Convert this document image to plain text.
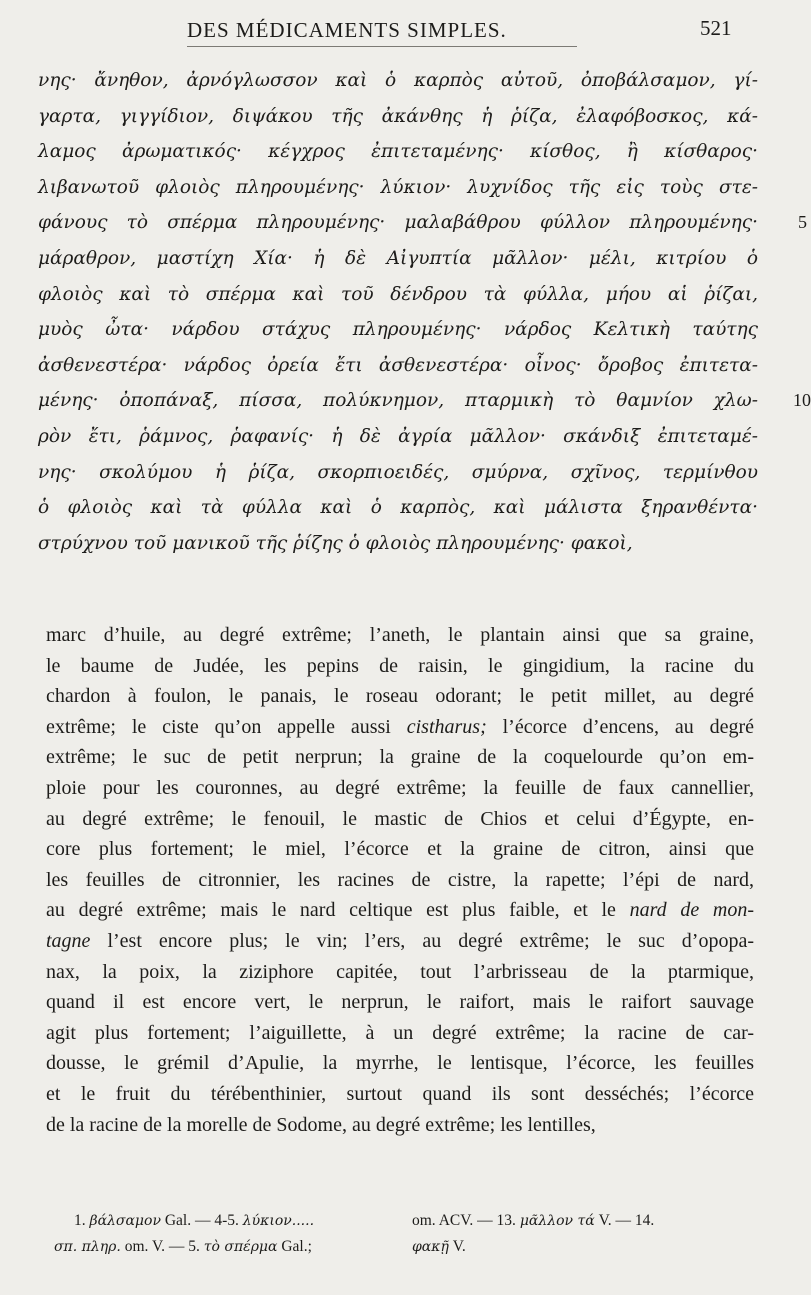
DES MÉDICAMENTS SIMPLES.	521
νης· ἄνηθον, ἀρνόγλωσσον καὶ ὁ καρπὸς αὐτοῦ, ὀποβάλσαμον, γί-
γαρτα, γιγγίδιον, διψάκου τῆς ἀκάνθης ἡ ῥίζα, ἐλαφόβοσκος, κά-
λαμος ἀρωματικός· κέγχρος ἐπιτεταμένης· κίσθος, ἢ κίσθαρος·
λιβανωτοῦ φλοιὸς πληρουμένης· λύκιον· λυχνίδος τῆς εἰς τοὺς στε-
φάνους τὸ σπέρμα πληρουμένης· μαλαβάθρου φύλλον πληρουμένης· 5
μάραθρον, μαστίχη Χία· ἡ δὲ Αἰγυπτία μᾶλλον· μέλι, κιτρίου ὁ
φλοιὸς καὶ τὸ σπέρμα καὶ τοῦ δένδρου τὰ φύλλα, μήου αἱ ῥίζαι,
μυὸς ὦτα· νάρδου στάχυς πληρουμένης· νάρδος Κελτικὴ ταύτης
ἀσθενεστέρα· νάρδος ὀρεία ἔτι ἀσθενεστέρα· οἶνος· ὄροβος ἐπιτετα-
μένης· ὀποπάναξ, πίσσα, πολύκνημον, πταρμικὴ τὸ θαμνίον χλω- 10
ρὸν ἔτι, ῥάμνος, ῥαφανίς· ἡ δὲ ἀγρία μᾶλλον· σκάνδιξ ἐπιτεταμέ-
νης· σκολύμου ἡ ῥίζα, σκορπιοειδές, σμύρνα, σχῖνος, τερμίνθου
ὁ φλοιὸς καὶ τὰ φύλλα καὶ ὁ καρπὸς, καὶ μάλιστα ξηρανθέντα·
στρύχνου τοῦ μανικοῦ τῆς ῥίζης ὁ φλοιὸς πληρουμένης· φακοὶ,
marc d’huile, au degré extrême; l’aneth, le plantain ainsi que sa graine,
le baume de Judée, les pepins de raisin, le gingidium, la racine du
chardon à foulon, le panais, le roseau odorant; le petit millet, au degré
extrême; le ciste qu’on appelle aussi cistharus; l’écorce d’encens, au degré
extrême; le suc de petit nerprun; la graine de la coquelourde qu’on em-
ploie pour les couronnes, au degré extrême; la feuille de faux cannellier,
au degré extrême; le fenouil, le mastic de Chios et celui d’Égypte, en-
core plus fortement; le miel, l’écorce et la graine de citron, ainsi que
les feuilles de citronnier, les racines de cistre, la rapette; l’épi de nard,
au degré extrême; mais le nard celtique est plus faible, et le nard de mon-
tagne l’est encore plus; le vin; l’ers, au degré extrême; le suc d’opopa-
nax, la poix, la ziziphore capitée, tout l’arbrisseau de la ptarmique,
quand il est encore vert, le nerprun, le raifort, mais le raifort sauvage
agit plus fortement; l’aiguillette, à un degré extrême; la racine de car-
dousse, le grémil d’Apulie, la myrrhe, le lentisque, l’écorce, les feuilles
et le fruit du térébenthinier, surtout quand ils sont desséchés; l’écorce
de la racine de la morelle de Sodome, au degré extrême; les lentilles,
1. βάλσαμον Gal. — 4-5. λύκιον.....	om. ACV. — 13. μᾶλλον τά V. — 14.
σπ. πληρ. om. V. — 5. τὸ σπέρμα Gal.;	φακῇ V.
